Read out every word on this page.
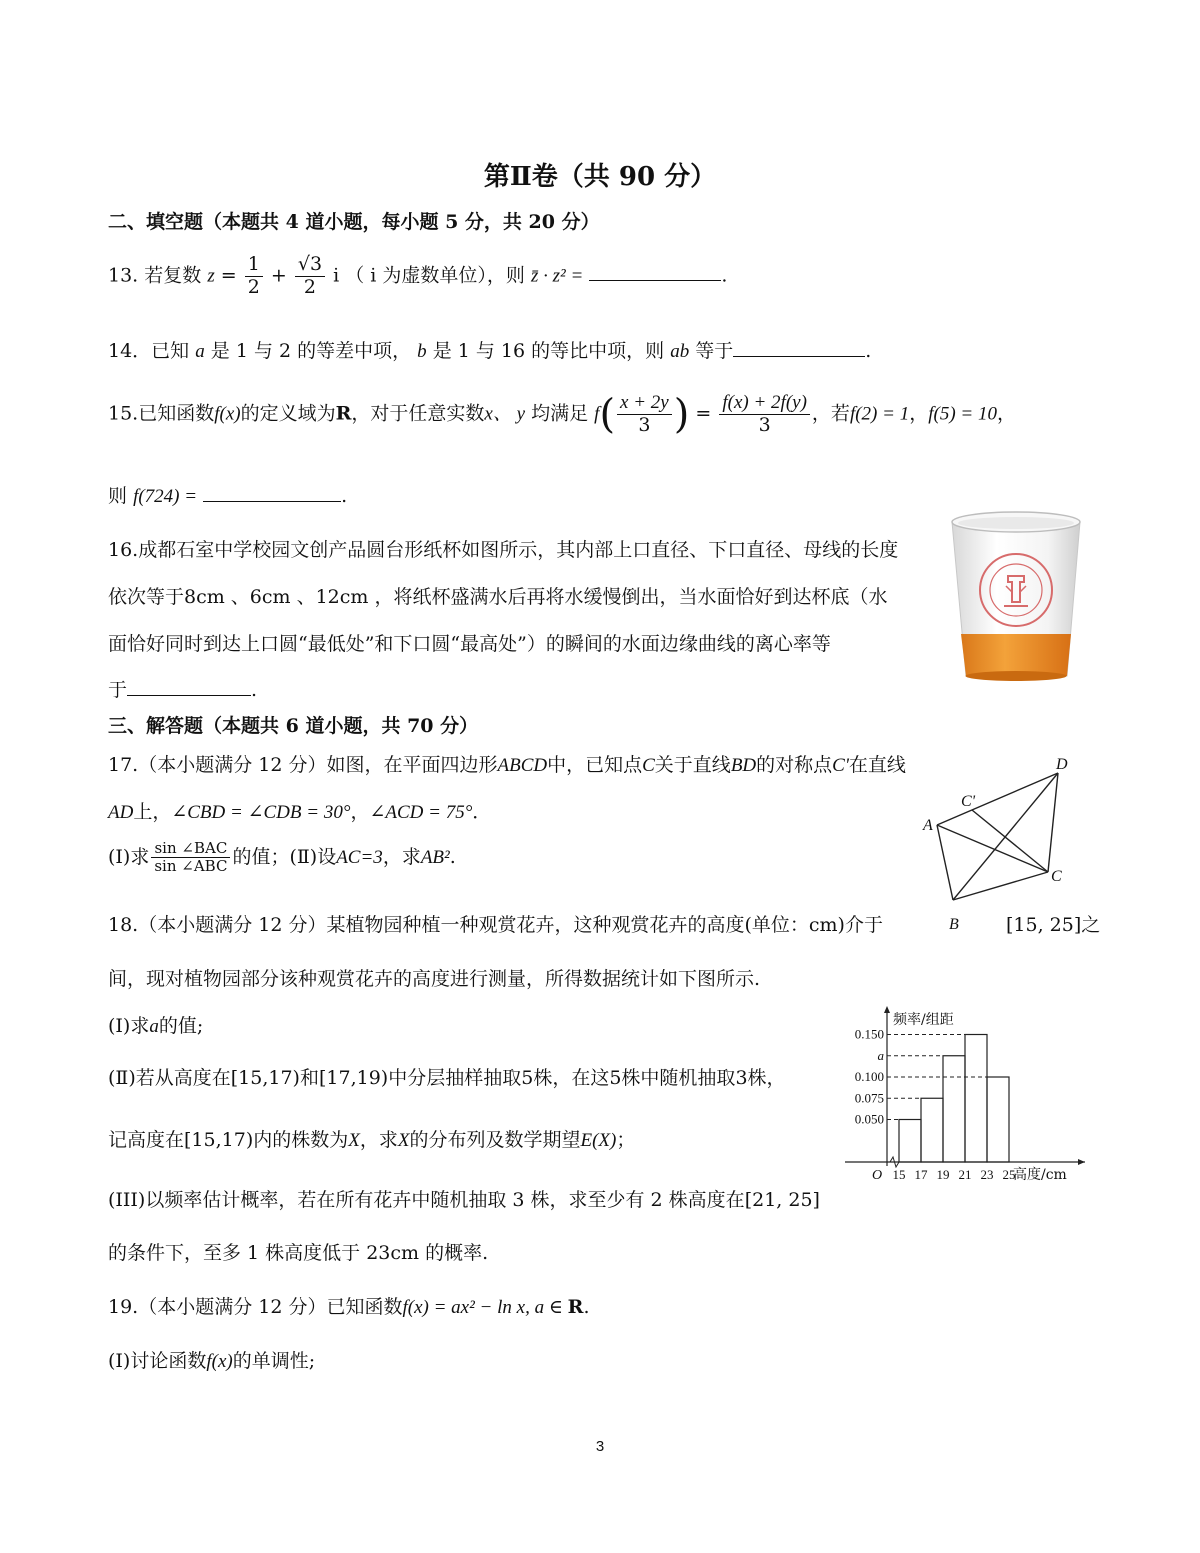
第Ⅱ卷（共 90 分）
二、填空题（本题共 4 道小题，每小题 5 分，共 20 分）
13. 若复数 $z = \frac{1}{2} + \frac{√3}{2}$ i （ i 为虚数单位），则 z̄ · z² =	.
14．已知 a 是 1 与 2 的等差中项， b 是 1 与 16 的等比中项，则 ab 等于	.
15.已知函数f(x)的定义域为R，对于任意实数x、 y 均满足 $f( \frac{x + 2y}{3}$ ) = $\frac{f(x) + 2f(y)}{3}$ ，若f(2) = 1，f(5) = 10，
则 f(724) =	.
16.成都石室中学校园文创产品圆台形纸杯如图所示，其内部上口直径、下口直径、母线的长度
依次等于8cm 、6cm 、12cm ，将纸杯盛满水后再将水缓慢倒出，当水面恰好到达杯底（水
面恰好同时到达上口圆“最低处”和下口圆“最高处”）的瞬间的水面边缘曲线的离心率等
于	.
三、解答题（本题共 6 道小题，共 70 分）
17.（本小题满分 12 分）如图，在平面四边形ABCD中，已知点C关于直线BD的对称点C'在直线
AD上，∠CBD = ∠CDB = 30°，∠ACD = 75°．
(Ⅰ)求 $\frac{\text{sin ∠BAC}}{\text{sin ∠ABC}}$ 的值；(Ⅱ)设AC=3，求AB².
A
B
C
D
C'
18.（本小题满分 12 分）某植物园种植一种观赏花卉，这种观赏花卉的高度(单位：cm)介于	[15, 25]之
间，现对植物园部分该种观赏花卉的高度进行测量，所得数据统计如下图所示.
(Ⅰ)求a的值;
(Ⅱ)若从高度在[15,17)和[17,19)中分层抽样抽取5株，在这5株中随机抽取3株，
记高度在[15,17)内的株数为X，求X的分布列及数学期望E(X)；
(III)以频率估计概率，若在所有花卉中随机抽取 3 株，求至少有 2 株高度在[21, 25]
的条件下，至多 1 株高度低于 23cm 的概率.
0.050
0.075
0.100
a
0.150
15 17 19 21 23 25
O	高度/cm
频率/组距
19.（本小题满分 12 分）已知函数f(x) = ax² − ln x, a ∈ R.
(Ⅰ)讨论函数f(x)的单调性;
3
